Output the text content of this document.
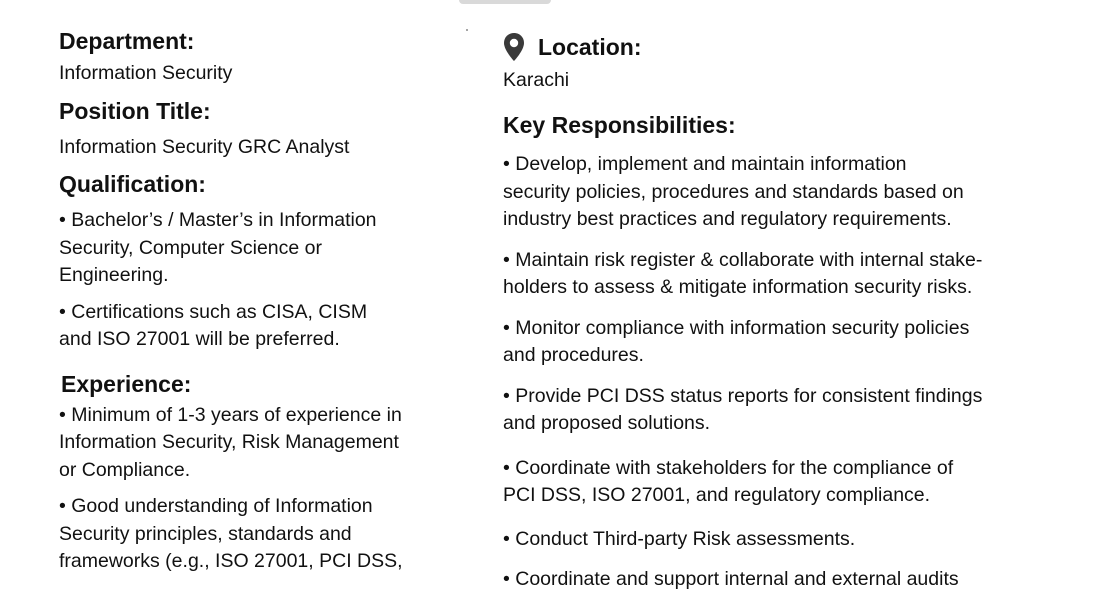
Department:

Information Security

Position Title:

Information Security GRC Analyst

Qualification:

• Bachelor’s / Master’s in Information
Security, Computer Science or
Engineering.
• Certifications such as CISA, CISM
and ISO 27001 will be preferred.

Experience:

• Minimum of 1-3 years of experience in
Information Security, Risk Management
or Compliance.
• Good understanding of Information
Security principles, standards and
frameworks (e.g., ISO 27001, PCI DSS,

Location:

Karachi

Key Responsibilities:

• Develop, implement and maintain information
security policies, procedures and standards based on
industry best practices and regulatory requirements.
• Maintain risk register & collaborate with internal stake-
holders to assess & mitigate information security risks.
• Monitor compliance with information security policies
and procedures.
• Provide PCI DSS status reports for consistent findings
and proposed solutions.
• Coordinate with stakeholders for the compliance of
PCI DSS, ISO 27001, and regulatory compliance.
• Conduct Third-party Risk assessments.
• Coordinate and support internal and external audits
